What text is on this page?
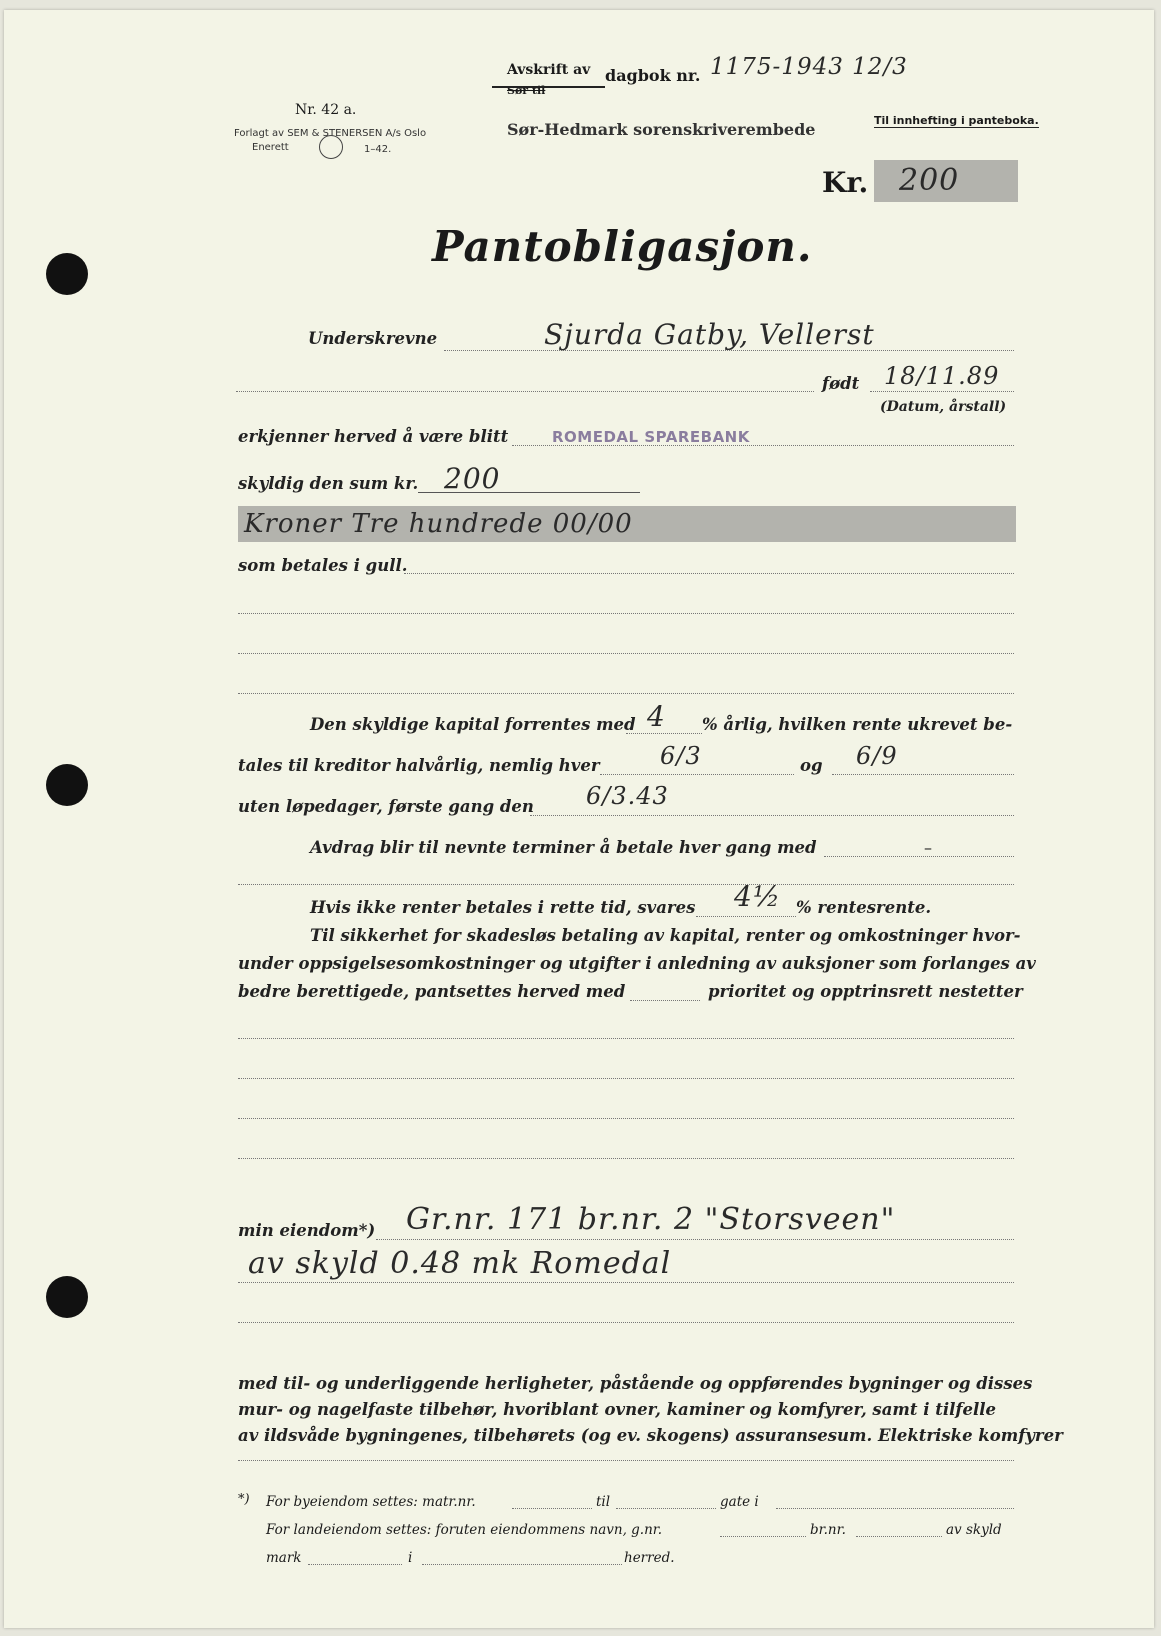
Nr. 42 a.
Forlagt av SEM & STENERSEN A/s Oslo
Enerett	1–42.
Avskrift av
Sør til
dagbok nr. 1175-1943 12/3
Sør-Hedmark sorenskriverembede	Til innhefting i panteboka.
Kr. 200
Pantobligasjon.
Underskrevne	Sjurda Gatby, Vellerst
født 18/11.89
(Datum, årstall)
erkjenner herved å være blitt	ROMEDAL SPAREBANK
skyldig den sum kr. 200
Kroner Tre hundrede 00/00
som betales i gull.
Den skyldige kapital forrentes med 4 % årlig, hvilken rente ukrevet be-
tales til kreditor halvårlig, nemlig hver	6/3	og 6/9
uten løpedager, første gang den 6/3.43
Avdrag blir til nevnte terminer å betale hver gang med	–
Hvis ikke renter betales i rette tid, svares 4½ % rentesrente.
Til sikkerhet for skadesløs betaling av kapital, renter og omkostninger hvor-
under oppsigelsesomkostninger og utgifter i anledning av auksjoner som forlanges av
bedre berettigede, pantsettes herved med	prioritet og opptrinsrett nestetter
min eiendom*) Gr.nr. 171 br.nr. 2 "Storsveen"
av skyld 0.48 mk Romedal
med til- og underliggende herligheter, påstående og oppførendes bygninger og disses
mur- og nagelfaste tilbehør, hvoriblant ovner, kaminer og komfyrer, samt i tilfelle
av ildsvåde bygningenes, tilbehørets (og ev. skogens) assuransesum. Elektriske komfyrer
*) For byeiendom settes: matr.nr.	til	gate i
For landeiendom settes: foruten eiendommens navn, g.nr.	br.nr.	av skyld
mark	i	herred.
